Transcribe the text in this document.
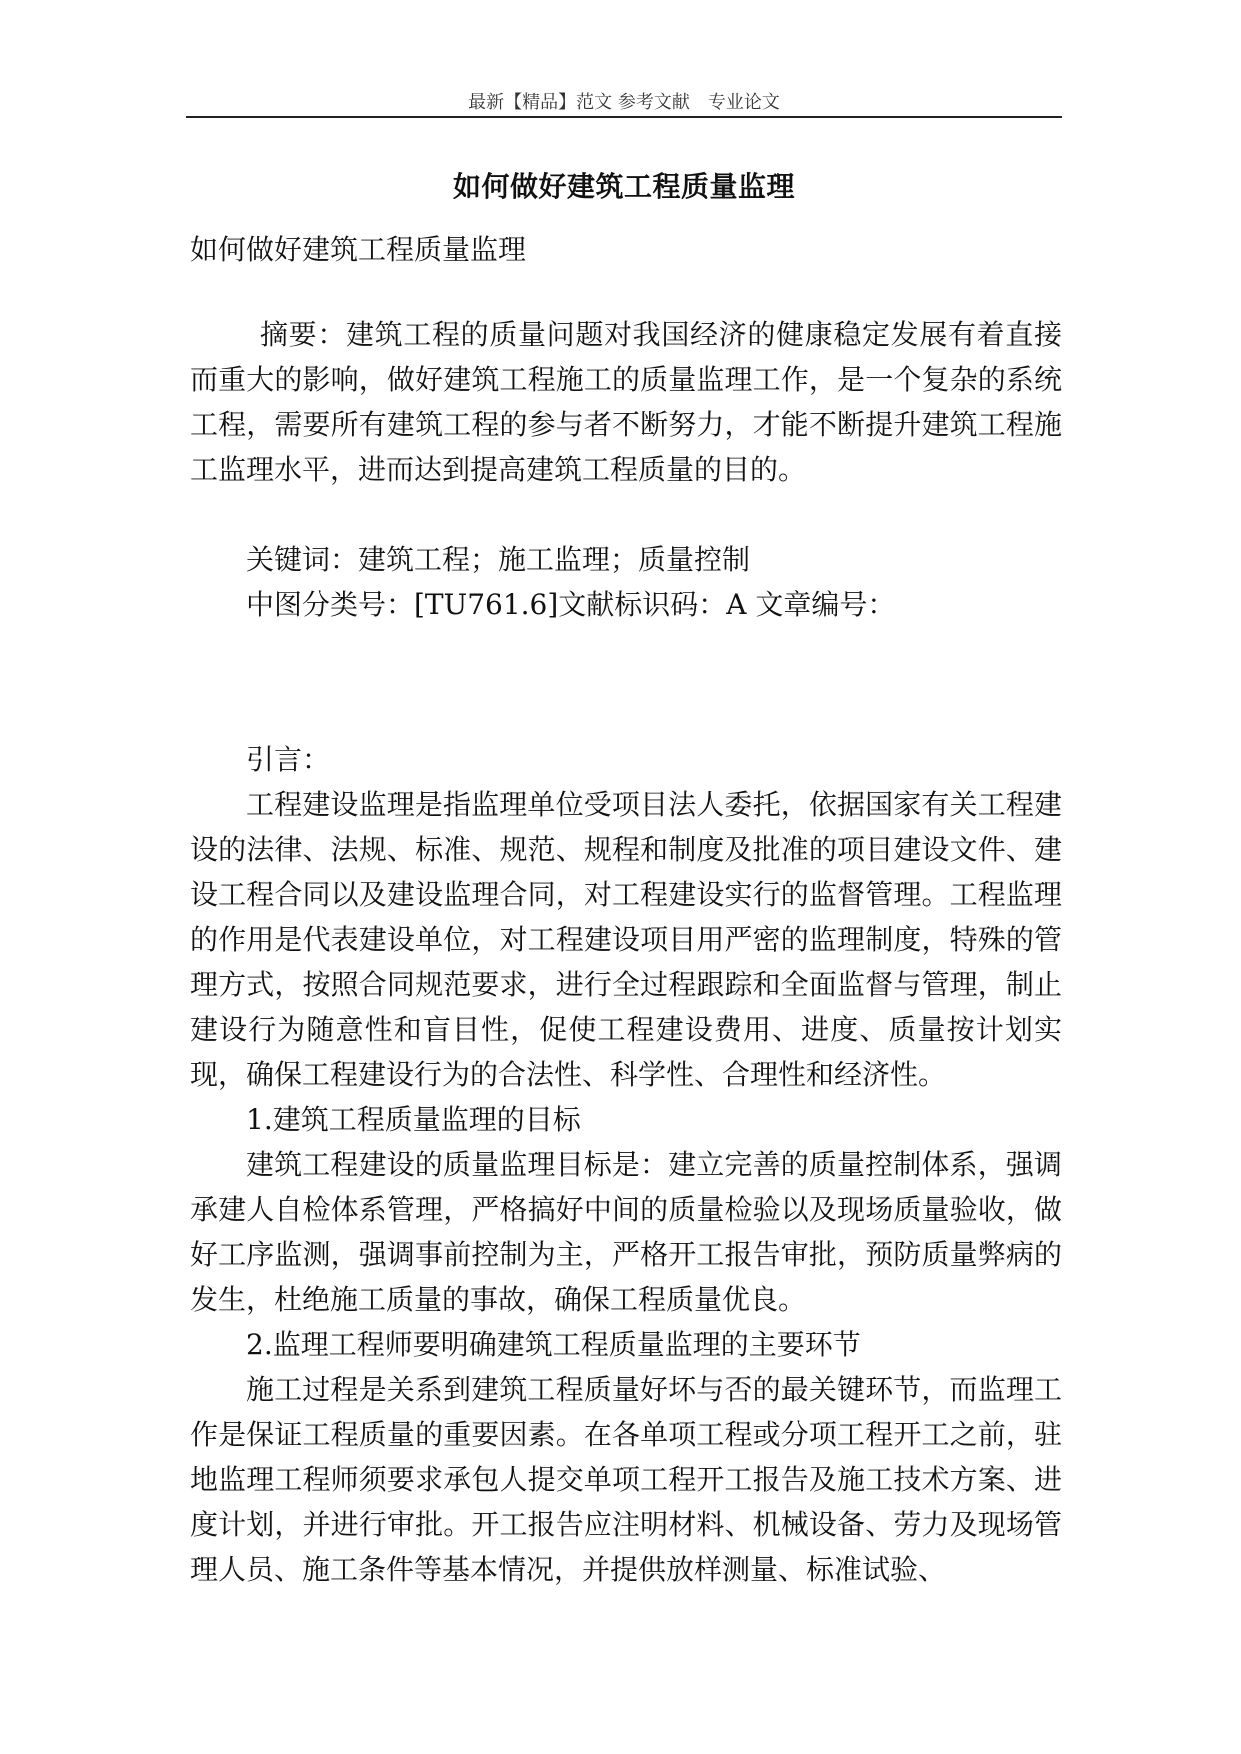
最新【精品】范文 参考文献　专业论文
如何做好建筑工程质量监理
如何做好建筑工程质量监理

摘要：建筑工程的质量问题对我国经济的健康稳定发展有着直接而重大的影响，做好建筑工程施工的质量监理工作，是一个复杂的系统工程，需要所有建筑工程的参与者不断努力，才能不断提升建筑工程施工监理水平，进而达到提高建筑工程质量的目的。

关键词：建筑工程；施工监理；质量控制

中图分类号：[TU761.6]文献标识码：A 文章编号：

引言：

工程建设监理是指监理单位受项目法人委托，依据国家有关工程建设的法律、法规、标准、规范、规程和制度及批准的项目建设文件、建设工程合同以及建设监理合同，对工程建设实行的监督管理。工程监理的作用是代表建设单位，对工程建设项目用严密的监理制度，特殊的管理方式，按照合同规范要求，进行全过程跟踪和全面监督与管理，制止建设行为随意性和盲目性，促使工程建设费用、进度、质量按计划实现，确保工程建设行为的合法性、科学性、合理性和经济性。

1.建筑工程质量监理的目标

建筑工程建设的质量监理目标是：建立完善的质量控制体系，强调承建人自检体系管理，严格搞好中间的质量检验以及现场质量验收，做好工序监测，强调事前控制为主，严格开工报告审批，预防质量弊病的发生，杜绝施工质量的事故，确保工程质量优良。

2.监理工程师要明确建筑工程质量监理的主要环节

施工过程是关系到建筑工程质量好坏与否的最关键环节，而监理工作是保证工程质量的重要因素。在各单项工程或分项工程开工之前，驻地监理工程师须要求承包人提交单项工程开工报告及施工技术方案、进度计划，并进行审批。开工报告应注明材料、机械设备、劳力及现场管理人员、施工条件等基本情况，并提供放样测量、标准试验、
